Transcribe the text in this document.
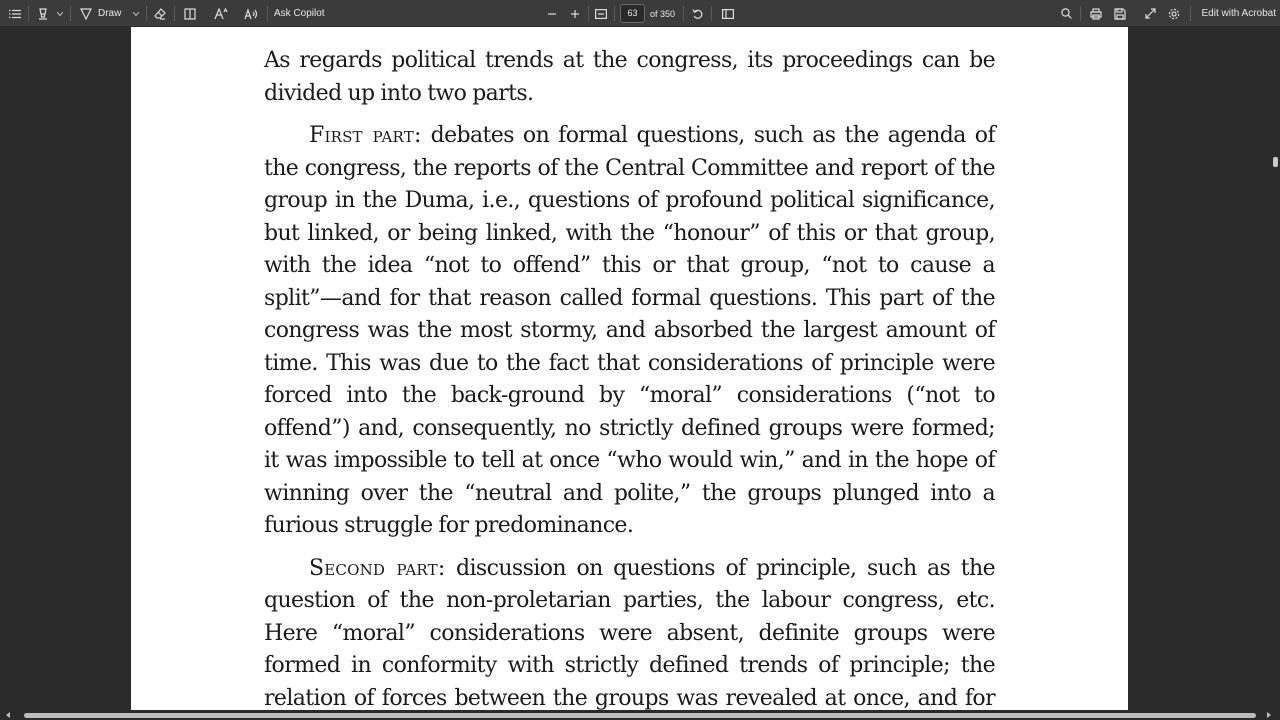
Draw	Ask Copilot	63	of 350	Edit with Acrobat

As regards political trends at the congress, its proceedings can be divided up into two parts.

First part: debates on formal questions, such as the agenda of the congress, the reports of the Central Committee and report of the group in the Duma, i.e., questions of profound political significance, but linked, or being linked, with the “honour” of this or that group, with the idea “not to offend” this or that group, “not to cause a split”—and for that reason called formal questions. This part of the congress was the most stormy, and absorbed the largest amount of time. This was due to the fact that considerations of principle were forced into the back-ground by “moral” considerations (“not to offend”) and, consequently, no strictly defined groups were formed; it was impossible to tell at once “who would win,” and in the hope of winning over the “neutral and polite,” the groups plunged into a furious struggle for predominance.

Second part: discussion on questions of principle, such as the question of the non-proletarian parties, the labour congress, etc. Here “moral” considerations were absent, definite groups were formed in conformity with strictly defined trends of principle; the relation of forces between the groups was revealed at once, and for
